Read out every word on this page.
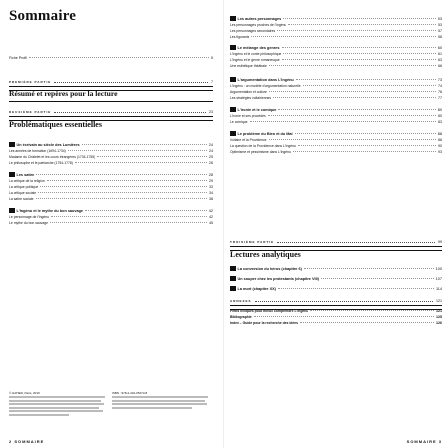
Sommaire
Fiche Profil	5
PREMIÈRE PARTIE	7
Résumé et repères pour la lecture
DEUXIÈME PARTIE	23
Problématiques essentielles
Un écrivain au siècle des Lumières	24
Les années de formation (1694-1734)	24
Madame du Châtelet et les cours étrangères (1734-1755)	25
Le philosophe et le patriarche (1754-1778)	26
Les satire	28
La critique de la religion	29
La critique politique	33
La critique sociale	34
La satire sociale	38
L'Ingénu et le mythe du bon sauvage	42
Le personnage de l'Ingénu	42
Le mythe du bon sauvage	45
© HATIER, Paris, 2019	ISBN : 978-2-401-05473-8
2 SOMMAIRE
Les autres personnages	53
Les personnages proches de l'Ingénu	53
Les personnages secondaires	57
Les figurants	58
Le mélange des genres	60
L'Ingénu et le conte philosophique	61
L'Ingénu et le genre romanesque	63
Une esthétique théâtrale	66
L'argumentation dans L'Ingénu	73
L'Ingénu : un modèle d'argumentation naturelle	74
Argumentation et culture	76
Les stratégies voltairiennes	77
L'ironie et le comique	80
L'ironie et ses procédés	80
Le comique	83
Le problème du Bien et du Mal	88
Voltaire et la Providence	88
La question de la Providence dans L'Ingénu	90
Optimisme et pessimisme dans L'Ingénu	93
TROISIÈME PARTIE	99
Lectures analytiques
La conversion du héros (chapitre 6)	100
Un souper chez les protestants (chapitre VIII)	107
La mort (chapitre XX)	114
ANNEXES	121
Petits lexiques pour mieux comprendre L'Ingénu	121
Bibliographie	125
Index – Guide pour la recherche des idées	126
SOMMAIRE 3
